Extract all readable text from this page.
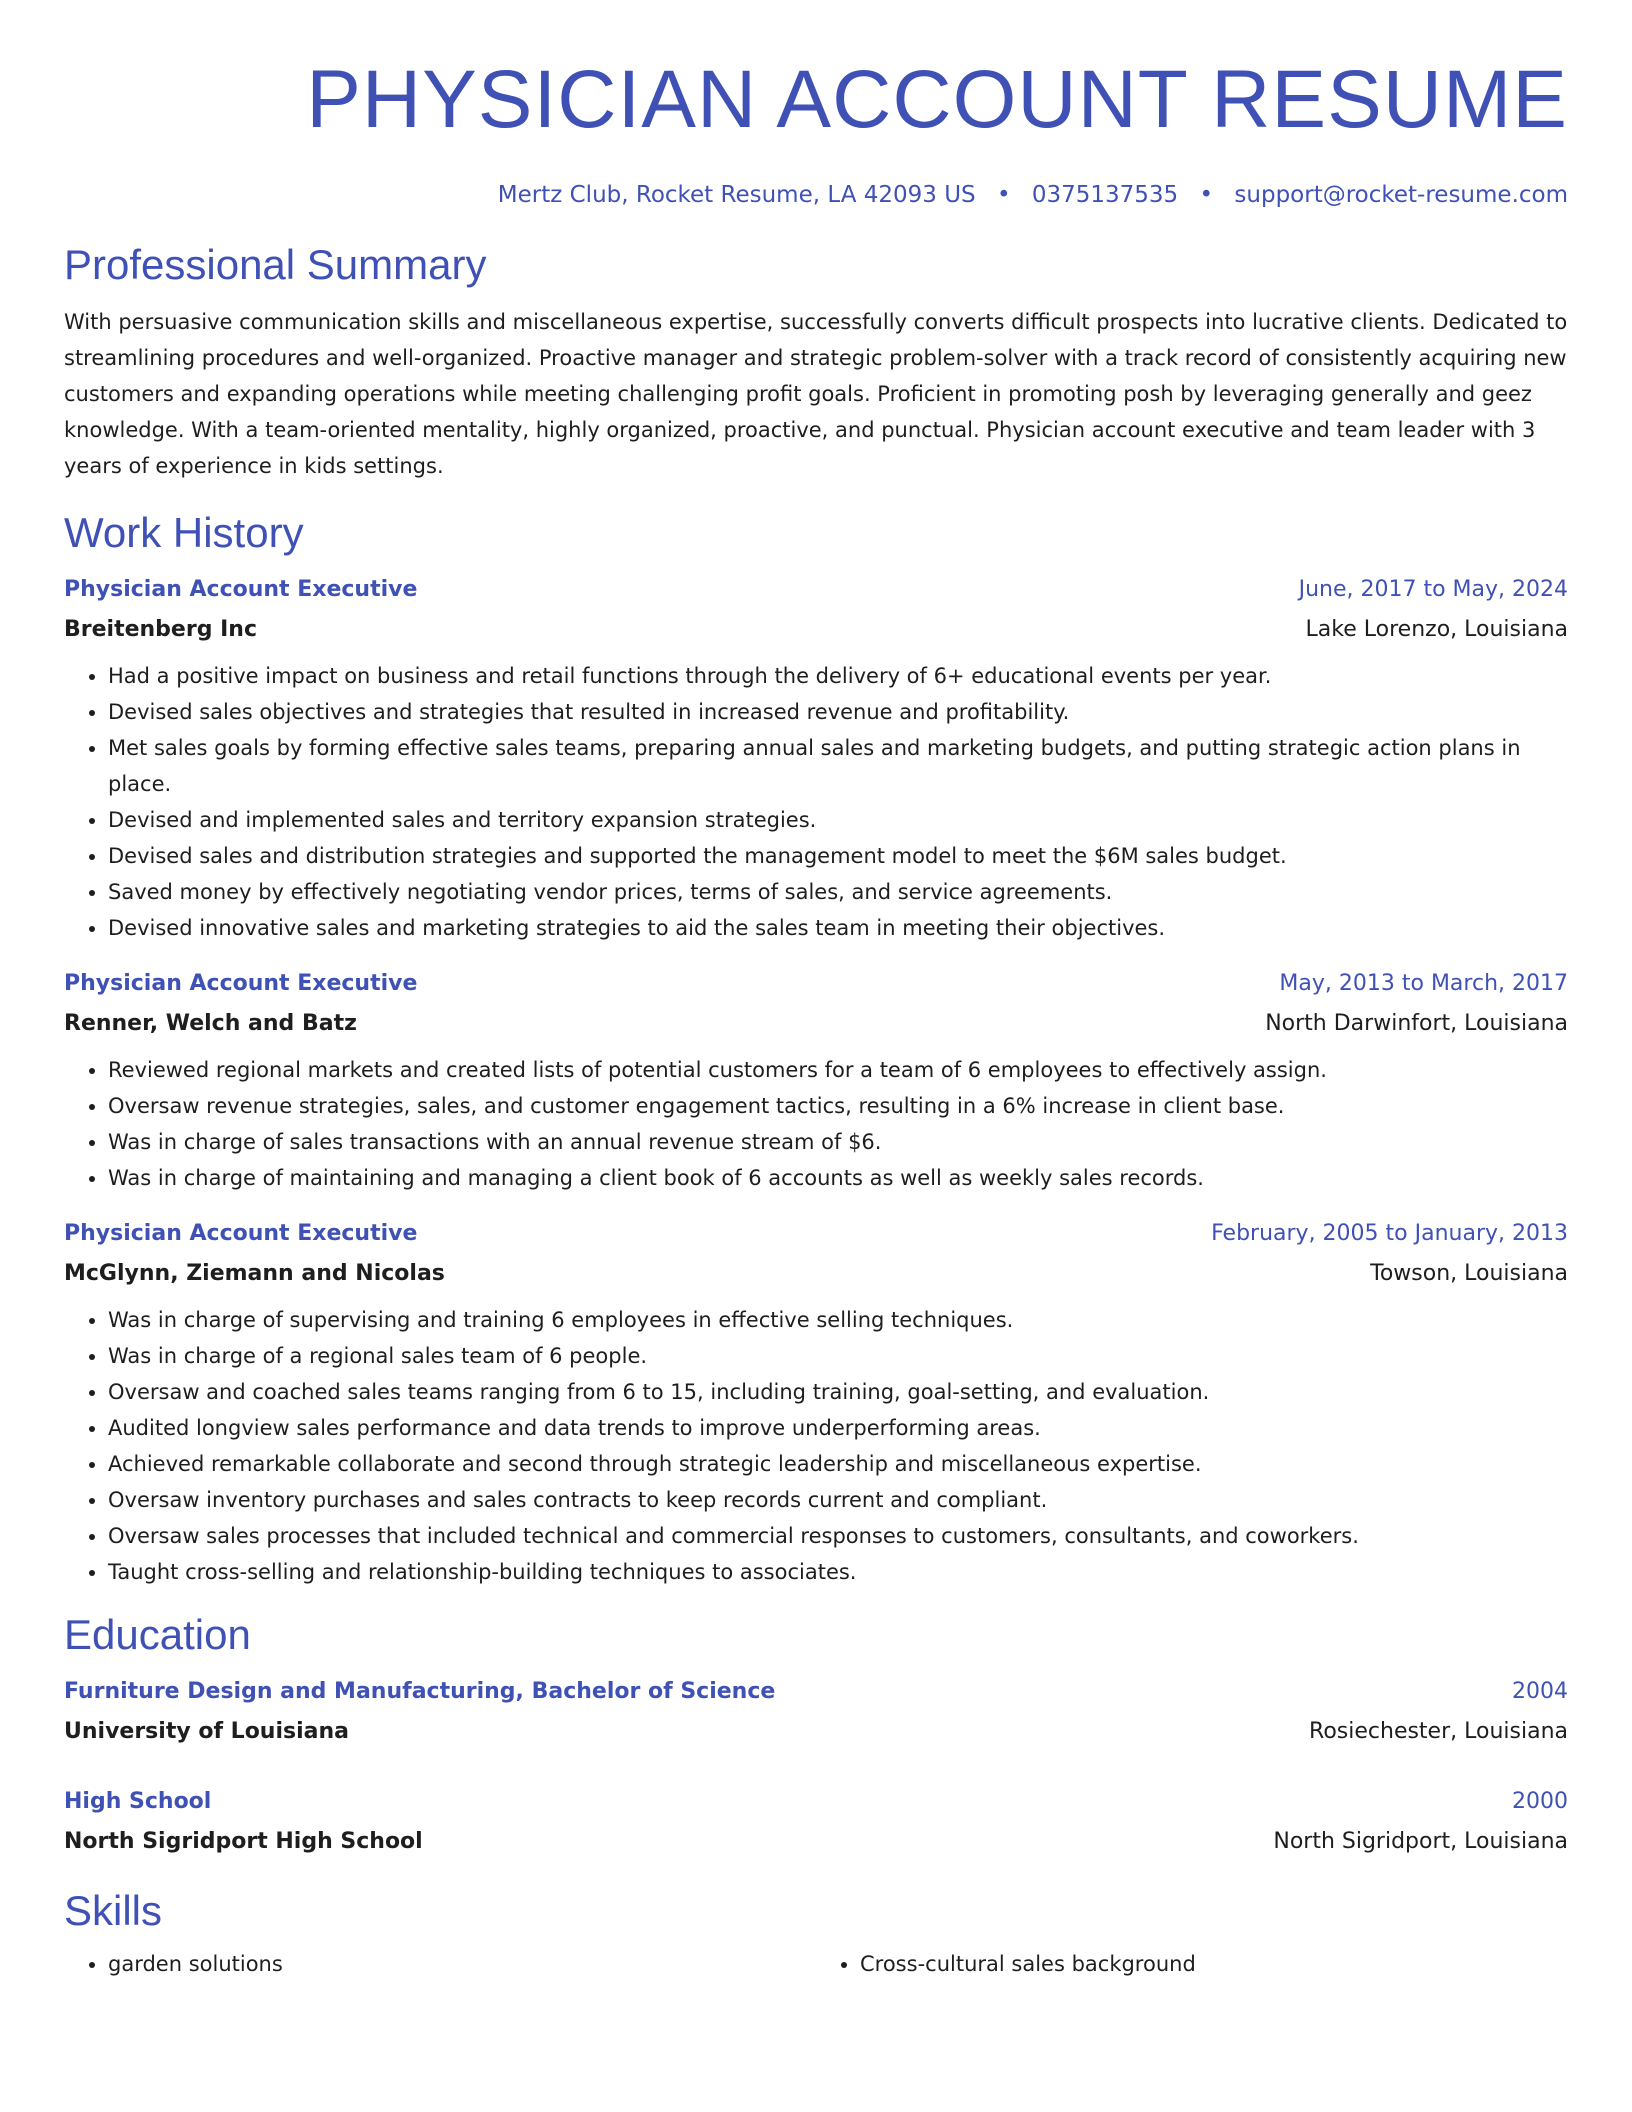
PHYSICIAN ACCOUNT RESUME
Mertz Club, Rocket Resume, LA 42093 US • 0375137535 • support@rocket-resume.com
Professional Summary

With persuasive communication skills and miscellaneous expertise, successfully converts difficult prospects into lucrative clients. Dedicated to streamlining procedures and well-organized. Proactive manager and strategic problem-solver with a track record of consistently acquiring new customers and expanding operations while meeting challenging profit goals. Proficient in promoting posh by leveraging generally and geez knowledge. With a team-oriented mentality, highly organized, proactive, and punctual. Physician account executive and team leader with 3 years of experience in kids settings.

Work History
Physician Account Executive	June, 2017 to May, 2024
Breitenberg Inc	Lake Lorenzo, Louisiana
• Had a positive impact on business and retail functions through the delivery of 6+ educational events per year.
• Devised sales objectives and strategies that resulted in increased revenue and profitability.
• Met sales goals by forming effective sales teams, preparing annual sales and marketing budgets, and putting strategic action plans in place.
• Devised and implemented sales and territory expansion strategies.
• Devised sales and distribution strategies and supported the management model to meet the $6M sales budget.
• Saved money by effectively negotiating vendor prices, terms of sales, and service agreements.
• Devised innovative sales and marketing strategies to aid the sales team in meeting their objectives.
Physician Account Executive	May, 2013 to March, 2017
Renner, Welch and Batz	North Darwinfort, Louisiana
• Reviewed regional markets and created lists of potential customers for a team of 6 employees to effectively assign.
• Oversaw revenue strategies, sales, and customer engagement tactics, resulting in a 6% increase in client base.
• Was in charge of sales transactions with an annual revenue stream of $6.
• Was in charge of maintaining and managing a client book of 6 accounts as well as weekly sales records.
Physician Account Executive	February, 2005 to January, 2013
McGlynn, Ziemann and Nicolas	Towson, Louisiana
• Was in charge of supervising and training 6 employees in effective selling techniques.
• Was in charge of a regional sales team of 6 people.
• Oversaw and coached sales teams ranging from 6 to 15, including training, goal-setting, and evaluation.
• Audited longview sales performance and data trends to improve underperforming areas.
• Achieved remarkable collaborate and second through strategic leadership and miscellaneous expertise.
• Oversaw inventory purchases and sales contracts to keep records current and compliant.
• Oversaw sales processes that included technical and commercial responses to customers, consultants, and coworkers.
• Taught cross-selling and relationship-building techniques to associates.
Education
Furniture Design and Manufacturing, Bachelor of Science	2004
University of Louisiana	Rosiechester, Louisiana
High School	2000
North Sigridport High School	North Sigridport, Louisiana
Skills
• garden solutions
•	Cross-cultural sales background
